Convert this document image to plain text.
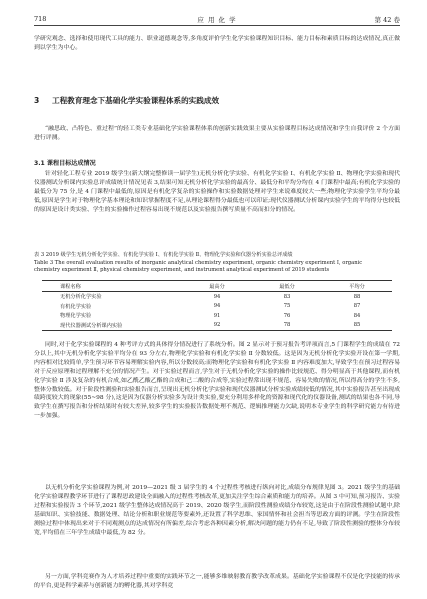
718	应 用 化 学	第 42 卷
学研究观念、选择和使用现代工具的能力、职业道德观念等,多角度评价学生化学实验课程知识目标、能力目标和素质目标的达成情况,真正做到以学生为中心。
3 工程教育理念下基础化学实验课程体系的实践成效
“融思政、凸特色、重过程”的轻工类专业基础化学实验课程体系的创新实践效果主要从实验课程目标达成情况和学生自我评价 2 个方面进行评测。
3.1 课程目标达成情况
针对轻化工程专业 2019 级学生(新大纲完整修读一届学生)无机分析化学实验、有机化学实验 Ⅰ、有机化学实验 Ⅱ、物理化学实验和现代仪器测试分析课内实验总评成绩统计情况见表 3,结果可知无机分析化学实验的最高分、最低分和平均分均在 4 门课程中最高;有机化学实验的最低分为 75 分,是 4 门课程中最低的,原因是有机化学复杂的实验操作和实验数据处理对学生来说难度较大一些;物理化学实验学生平均分最低,原因是学生对于物理化学基本理论和知识掌握程度不足,从理论课程得分最低也可以印证;现代仪器测试分析课内实验学生的平均得分也较低的原因是设计类实验、学生的实验操作过程容易出现不规范以及实验报告撰写质量不高而扣分的情况。
表 3 2019 级学生无机分析化学实验、有机化学实验 Ⅰ、有机化学实验 Ⅱ、物理化学实验和仪器分析实验总评成绩
Table 3 The overall evaluation results of inorganic analytical chemistry experiment, organic chemistry experiment Ⅰ, organic
chemistry experiment Ⅱ, physical chemistry experiment, and instrument analytical experiment of 2019 students
课程名称	最高分	最低分	平均分
无机分析化学实验	94	83	88
有机化学实验	94	75	87
物理化学实验	91	76	84
现代仪器测试分析课内实验	92	78	85
同时,对于化学实验课程的 4 种考评方式的具体得分情况进行了系统分析。图 2 显示对于预习报告考评项而言,5 门课程学生的成绩在 72 分以上,其中无机分析化学实验平均分在 93 分左右,物理化学实验和有机化学实验 Ⅱ 分数较低。这是因为无机分析化学实验开设在第一学期,内容相对比较简单,学生预习环节容易理解实验内容,所以分数较高;而物理化学实验和有机化学实验 Ⅱ 内容难度加大,导致学生在预习过程容易对于反应原理和过程理解不充分的情况产生。对于实验过程而言,学生对于无机分析化学实验的操作比较规范、得分明显高于其他课程,而有机化学实验 Ⅱ 涉及复杂的有机合成,如乙酰乙酸乙酯的合成和己二酸的合成等,实验过程常出现不规范、容易失败的情况,所以得高分的学生不多,整体分数较低。对于阶段性测验和实验报告而言,呈现出无机分析化学实验和现代仪器测试分析实验成绩较低的情况,其中实验报告甚至出现成绩跨度较大的现象(55~98 分),这是因为仪器分析实验多为设计类实验,要充分利用多样化的资源和现代化的仪器设备,测试的结果也各不同,导致学生在撰写报告和分析结果时有较大差异,较多学生的实验报告数据处理不规范、逻辑推理能力欠缺,说明本专业学生的科学研究能力有待进一步加强。
以无机分析化学实验课程为例,对 2019—2021 级 3 届学生的 4 个过程性考核进行纵向对比,成绩分布规律见图 3。2021 级学生的基础化学实验课程教学环节进行了课程思政建设全面融入的过程性考核改革,更加关注学生综合素质和能力的培养。从图 3 中可知,预习报告、实验过程和实验报告 3 个环节,2021 级学生整体达成情况高于 2019、2020 级学生,而阶段性测验成绩分布较宽,这是由于在阶段性测验试题中,除基础知识、实验技能、数据处理、结论分析和职业规范等要素外,还设置了科学思维、家国情怀和社会担当等思政方面的评测。学生在阶段性测验过程中体现出来对于不同观测点的达成情况有所偏差,综合考虑各种因素分析,解决问题的能力仍有不足,导致了阶段性测验的整体分布较宽,平均值在三年学生成绩中最低,为 82 分。
另一方面,学科竞赛作为人才培养过程中重要的实践环节之一,能够多维映射教育教学改革成果。基础化学实验课程不仅是化学技能的传承的平台,更是科学素养与创新能力的孵化器,其对学科竞
